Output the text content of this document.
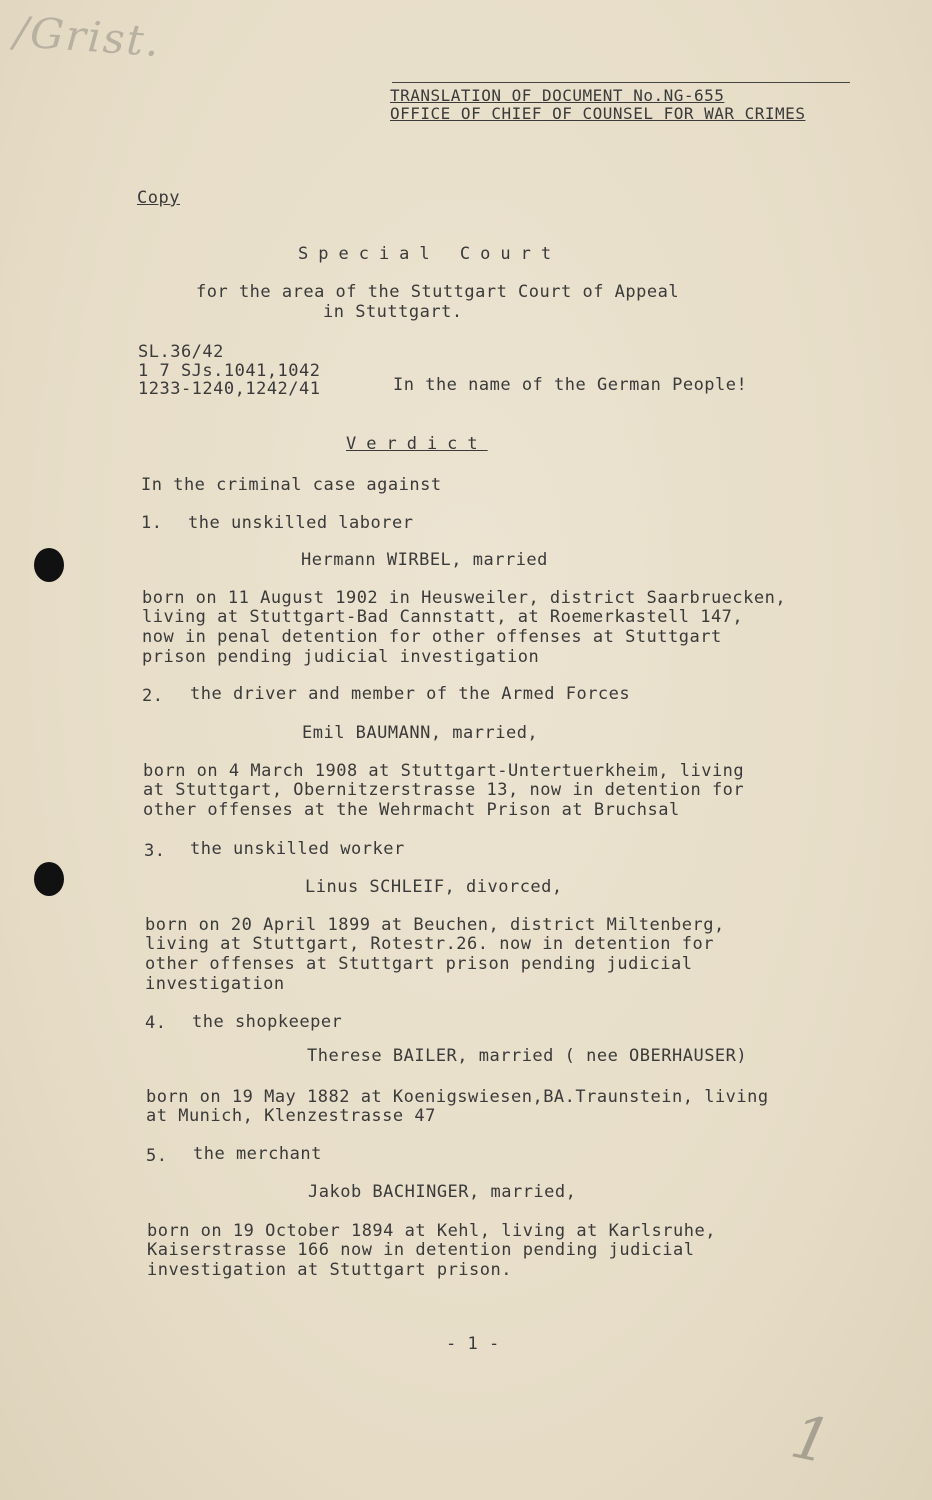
/Grist.
TRANSLATION OF DOCUMENT No.NG-655
OFFICE OF CHIEF OF COUNSEL FOR WAR CRIMES
Copy
Special Court
for the area of the Stuttgart Court of Appeal
in Stuttgart.
SL.36/42
1 7 SJs.1041,1042
1233-1240,1242/41	In the name of the German People!
Verdict
In the criminal case against
1. the unskilled laborer
Hermann WIRBEL, married
born on 11 August 1902 in Heusweiler, district Saarbruecken,
living at Stuttgart-Bad Cannstatt, at Roemerkastell 147,
now in penal detention for other offenses at Stuttgart
prison pending judicial investigation
2. the driver and member of the Armed Forces
Emil BAUMANN, married,
born on 4 March 1908 at Stuttgart-Untertuerkheim, living
at Stuttgart, Obernitzerstrasse 13, now in detention for
other offenses at the Wehrmacht Prison at Bruchsal
3. the unskilled worker
Linus SCHLEIF, divorced,
born on 20 April 1899 at Beuchen, district Miltenberg,
living at Stuttgart, Rotestr.26. now in detention for
other offenses at Stuttgart prison pending judicial
investigation
4. the shopkeeper
Therese BAILER, married ( nee OBERHAUSER)
born on 19 May 1882 at Koenigswiesen,BA.Traunstein, living
at Munich, Klenzestrasse 47
5. the merchant
Jakob BACHINGER, married,
born on 19 October 1894 at Kehl, living at Karlsruhe,
Kaiserstrasse 166 now in detention pending judicial
investigation at Stuttgart prison.
- 1 -
1
